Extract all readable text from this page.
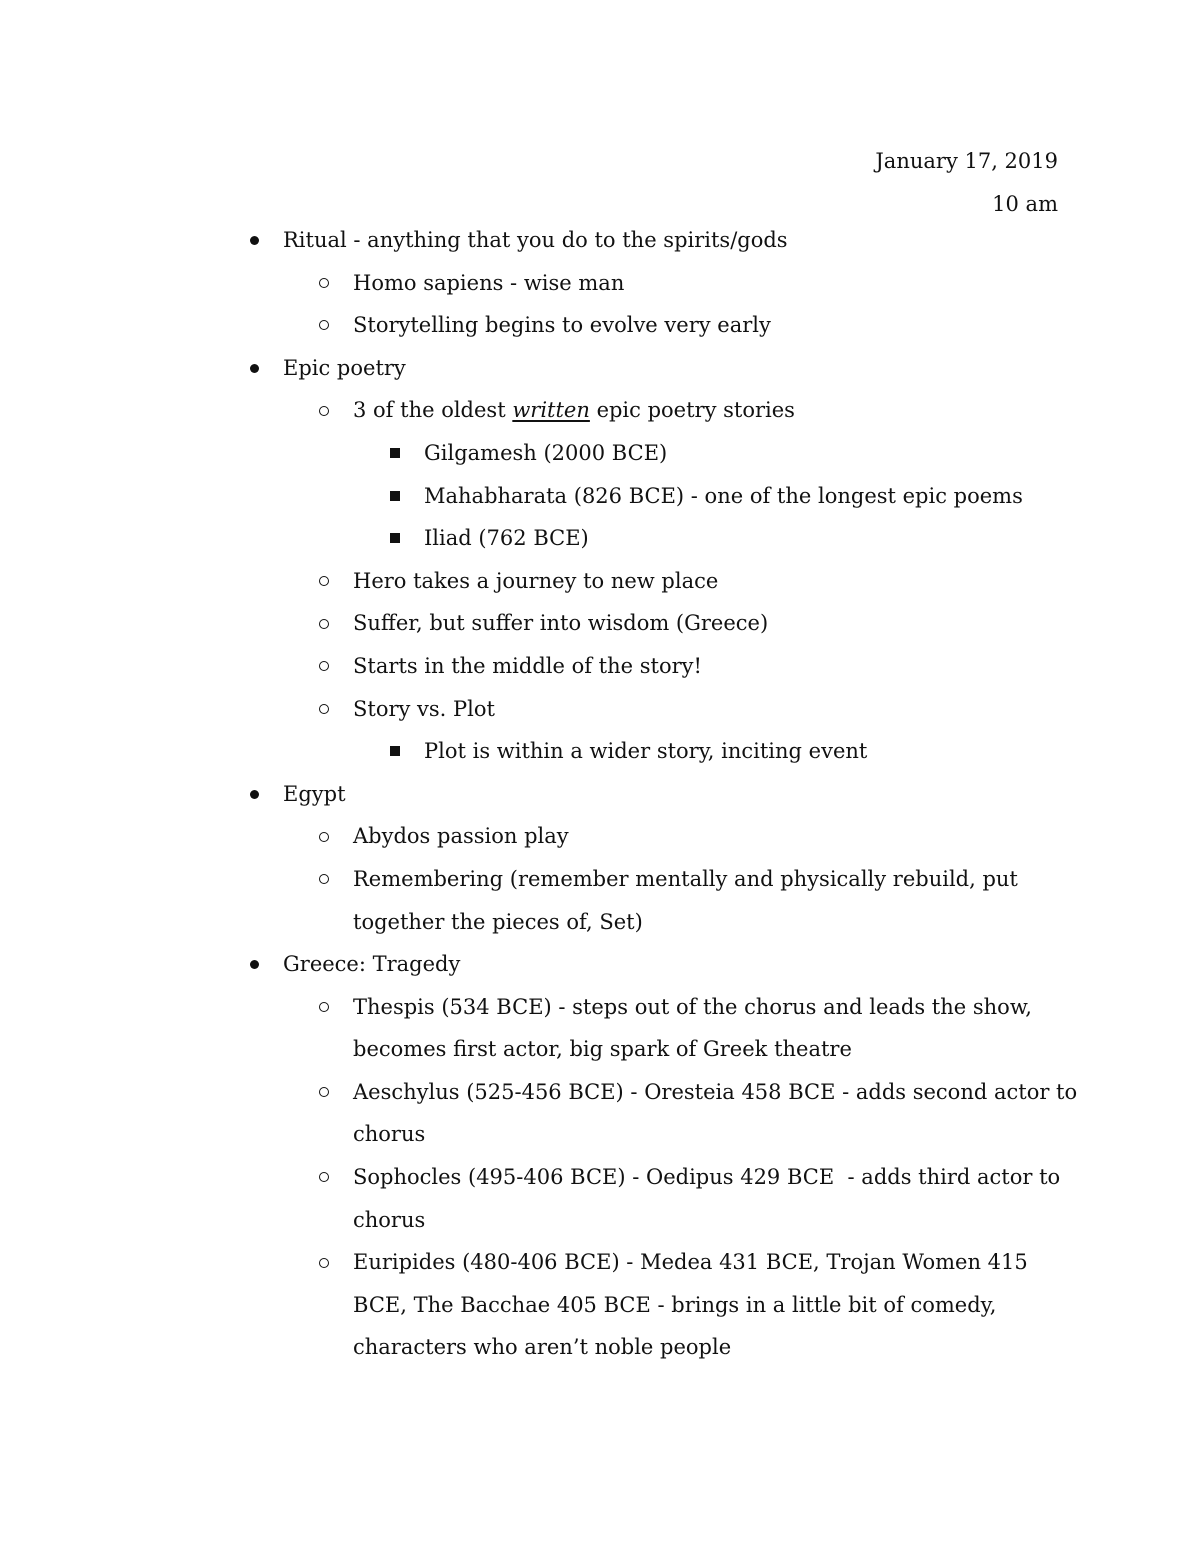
January 17, 2019
10 am
Ritual - anything that you do to the spirits/gods
Homo sapiens - wise man
Storytelling begins to evolve very early
Epic poetry
3 of the oldest written epic poetry stories
Gilgamesh (2000 BCE)
Mahabharata (826 BCE) - one of the longest epic poems
Iliad (762 BCE)
Hero takes a journey to new place
Suffer, but suffer into wisdom (Greece)
Starts in the middle of the story!
Story vs. Plot
Plot is within a wider story, inciting event
Egypt
Abydos passion play
Remembering (remember mentally and physically rebuild, put
together the pieces of, Set)
Greece: Tragedy
Thespis (534 BCE) - steps out of the chorus and leads the show,
becomes first actor, big spark of Greek theatre
Aeschylus (525-456 BCE) - Oresteia 458 BCE - adds second actor to
chorus
Sophocles (495-406 BCE) - Oedipus 429 BCE  - adds third actor to
chorus
Euripides (480-406 BCE) - Medea 431 BCE, Trojan Women 415
BCE, The Bacchae 405 BCE - brings in a little bit of comedy,
characters who aren’t noble people
